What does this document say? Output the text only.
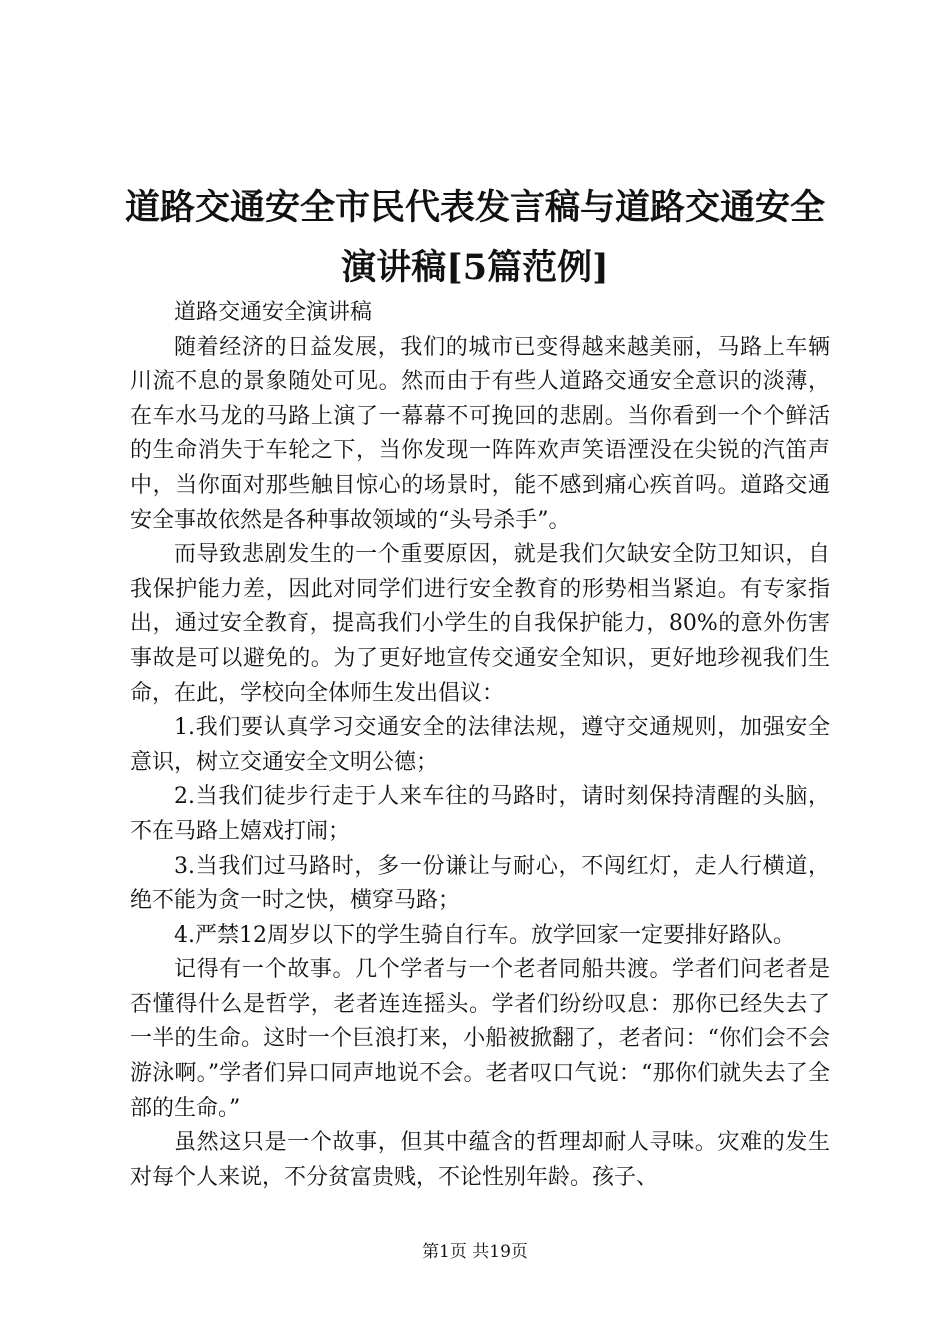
道路交通安全市民代表发言稿与道路交通安全演讲稿[5篇范例]

道路交通安全演讲稿

随着经济的日益发展，我们的城市已变得越来越美丽，马路上车辆川流不息的景象随处可见。然而由于有些人道路交通安全意识的淡薄，在车水马龙的马路上演了一幕幕不可挽回的悲剧。当你看到一个个鲜活的生命消失于车轮之下，当你发现一阵阵欢声笑语湮没在尖锐的汽笛声中，当你面对那些触目惊心的场景时，能不感到痛心疾首吗。道路交通安全事故依然是各种事故领域的“头号杀手”。

而导致悲剧发生的一个重要原因，就是我们欠缺安全防卫知识，自我保护能力差，因此对同学们进行安全教育的形势相当紧迫。有专家指出，通过安全教育，提高我们小学生的自我保护能力，80%的意外伤害事故是可以避免的。为了更好地宣传交通安全知识，更好地珍视我们生命，在此，学校向全体师生发出倡议：

1.我们要认真学习交通安全的法律法规，遵守交通规则，加强安全意识，树立交通安全文明公德；

2.当我们徒步行走于人来车往的马路时，请时刻保持清醒的头脑，不在马路上嬉戏打闹；

3.当我们过马路时，多一份谦让与耐心，不闯红灯，走人行横道，绝不能为贪一时之快，横穿马路；

4.严禁12周岁以下的学生骑自行车。放学回家一定要排好路队。

记得有一个故事。几个学者与一个老者同船共渡。学者们问老者是否懂得什么是哲学，老者连连摇头。学者们纷纷叹息：那你已经失去了一半的生命。这时一个巨浪打来，小船被掀翻了，老者问：“你们会不会游泳啊。”学者们异口同声地说不会。老者叹口气说：“那你们就失去了全部的生命。”

虽然这只是一个故事，但其中蕴含的哲理却耐人寻味。灾难的发生对每个人来说，不分贫富贵贱，不论性别年龄。孩子、

第1页 共19页
